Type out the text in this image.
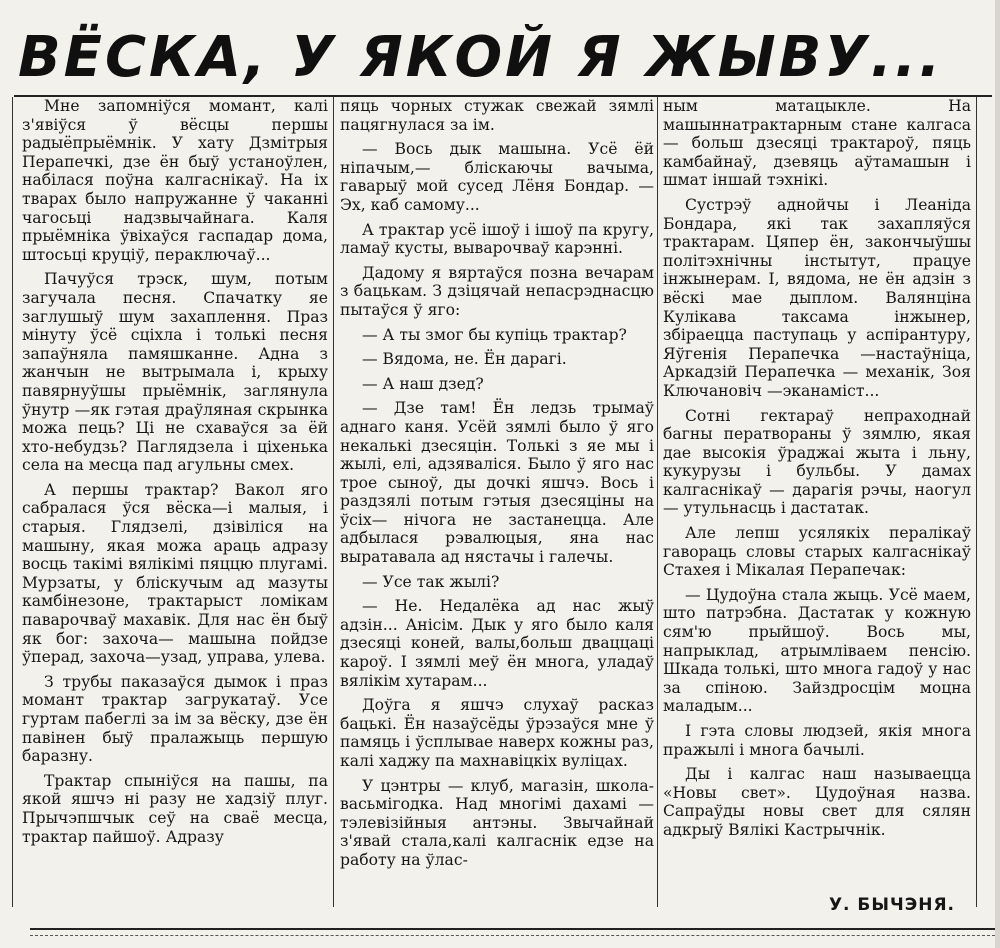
ВЁСКА, У ЯКОЙ Я ЖЫВУ...

Мне запомніўся момант, калі з'явіўся ў вёсцы першы радыёпрыёмнік. У хату Дзмітрыя Перапечкі, дзе ён быў устаноўлен, набілася поўна калгаснікаў. На іх тварах было напружанне ў чаканні чагосьці надзвычайнага. Каля прыёмніка ўвіхаўся гаспадар дома, штосьці круціў, пераключаў...

Пачуўся трэск, шум, потым загучала песня. Спачатку яе заглушыў шум захаплення. Праз мінуту ўсё сціхла і толькі песня запаўняла памяшканне. Адна з жанчын не вытрымала і, крыху павярнуўшы прыёмнік, заглянула ўнутр —як гэтая драўляная скрынка можа пець? Ці не схаваўся за ёй хто-небудзь? Паглядзела і ціхенька села на месца пад агульны смех.

А першы трактар? Вакол яго сабралася ўся вёска—і малыя, і старыя. Глядзелі, дзівіліся на машыну, якая можа араць адразу восць такімі вялікімі пяццю плугамі. Мурзаты, у бліскучым ад мазуты камбінезоне, трактарыст ломікам паварочваў махавік. Для нас ён быў як бог: захоча— машына пойдзе ўперад, захоча—узад, управа, улева.

З трубы паказаўся дымок і праз момант трактар загрукатаў. Усе гуртам пабеглі за ім за вёску, дзе ён павінен быў пралажыць першую баразну.

Трактар спыніўся на пашы, па якой яшчэ ні разу не хадзіў плуг. Прычэпшчык сеў на сваё месца, трактар пайшоў. Адразу

пяць чорных стужак свежай зямлі пацягнулася за ім.

— Вось дык машына. Усё ёй ніпачым,— бліскаючы вачыма, гаварыў мой сусед Лёня Бондар. — Эх, каб самому...

А трактар усё ішоў і ішоў па кругу, ламаў кусты, выварочваў карэнні.

Дадому я вяртаўся позна вечарам з бацькам. З дзіцячай непасрэднасцю пытаўся ў яго:

— А ты змог бы купіць трактар?

— Вядома, не. Ён дарагі.

— А наш дзед?

— Дзе там! Ён ледзь трымаў аднаго каня. Усёй зямлі было ў яго некалькі дзесяцін. Толькі з яе мы і жылі, елі, адзяваліся. Было ў яго нас трое сыноў, ды дочкі яшчэ. Вось і раздзялі потым гэтыя дзесяціны на ўсіх— нічога не застанецца. Але адбылася рэвалюцыя, яна нас выратавала ад нястачы і галечы.

— Усе так жылі?

— Не. Недалёка ад нас жыў адзін... Анісім. Дык у яго было каля дзесяці коней, валы,больш дваццаці кароў. І зямлі меў ён многа, уладаў вялікім хутарам...

Доўга я яшчэ слухаў расказ бацькі. Ён назаўсёды ўрэзаўся мне ў памяць і ўсплывае наверх кожны раз, калі хаджу па махнавіцкіх вуліцах.

У цэнтры — клуб, магазін, школа-васьмігодка. Над многімі дахамі —тэлевізійныя антэны. Звычайнай з'явай стала,калі калгаснік едзе на работу на ўлас-

ным матацыкле. На машыннатрактарным стане калгаса — больш дзесяці трактароў, пяць камбайнаў, дзевяць аўтамашын і шмат іншай тэхнікі.

Сустрэў аднойчы і Леаніда Бондара, які так захапляўся трактарам. Цяпер ён, закончыўшы політэхнічны інстытут, працуе інжынерам. І, вядома, не ён адзін з вёскі мае дыплом. Валянціна Кулікава таксама інжынер, збіраецца паступаць у аспірантуру, Яўгенія Перапечка —настаўніца, Аркадзій Перапечка — механік, Зоя Ключановіч —эканаміст...

Сотні гектараў непраходнай багны ператвораны ў зямлю, якая дае высокія ўраджаі жыта і льну, кукурузы і бульбы. У дамах калгаснікаў — дарагія рэчы, наогул — утульнасць і дастатак.

Але лепш усялякіх пералікаў гавораць словы старых калгаснікаў Стахея і Мікалая Перапечак:

— Цудоўна стала жыць. Усё маем, што патрэбна. Дастатак у кожную сям'ю прыйшоў. Вось мы, напрыклад, атрымліваем пенсію. Шкада толькі, што многа гадоў у нас за спіною. Зайздросцім моцна маладым...

І гэта словы людзей, якія многа пражылі і многа бачылі.

Ды і калгас наш называецца «Новы свет». Цудоўная назва. Сапраўды новы свет для сялян адкрыў Вялікі Кастрычнік.

У. БЫЧЭНЯ.
